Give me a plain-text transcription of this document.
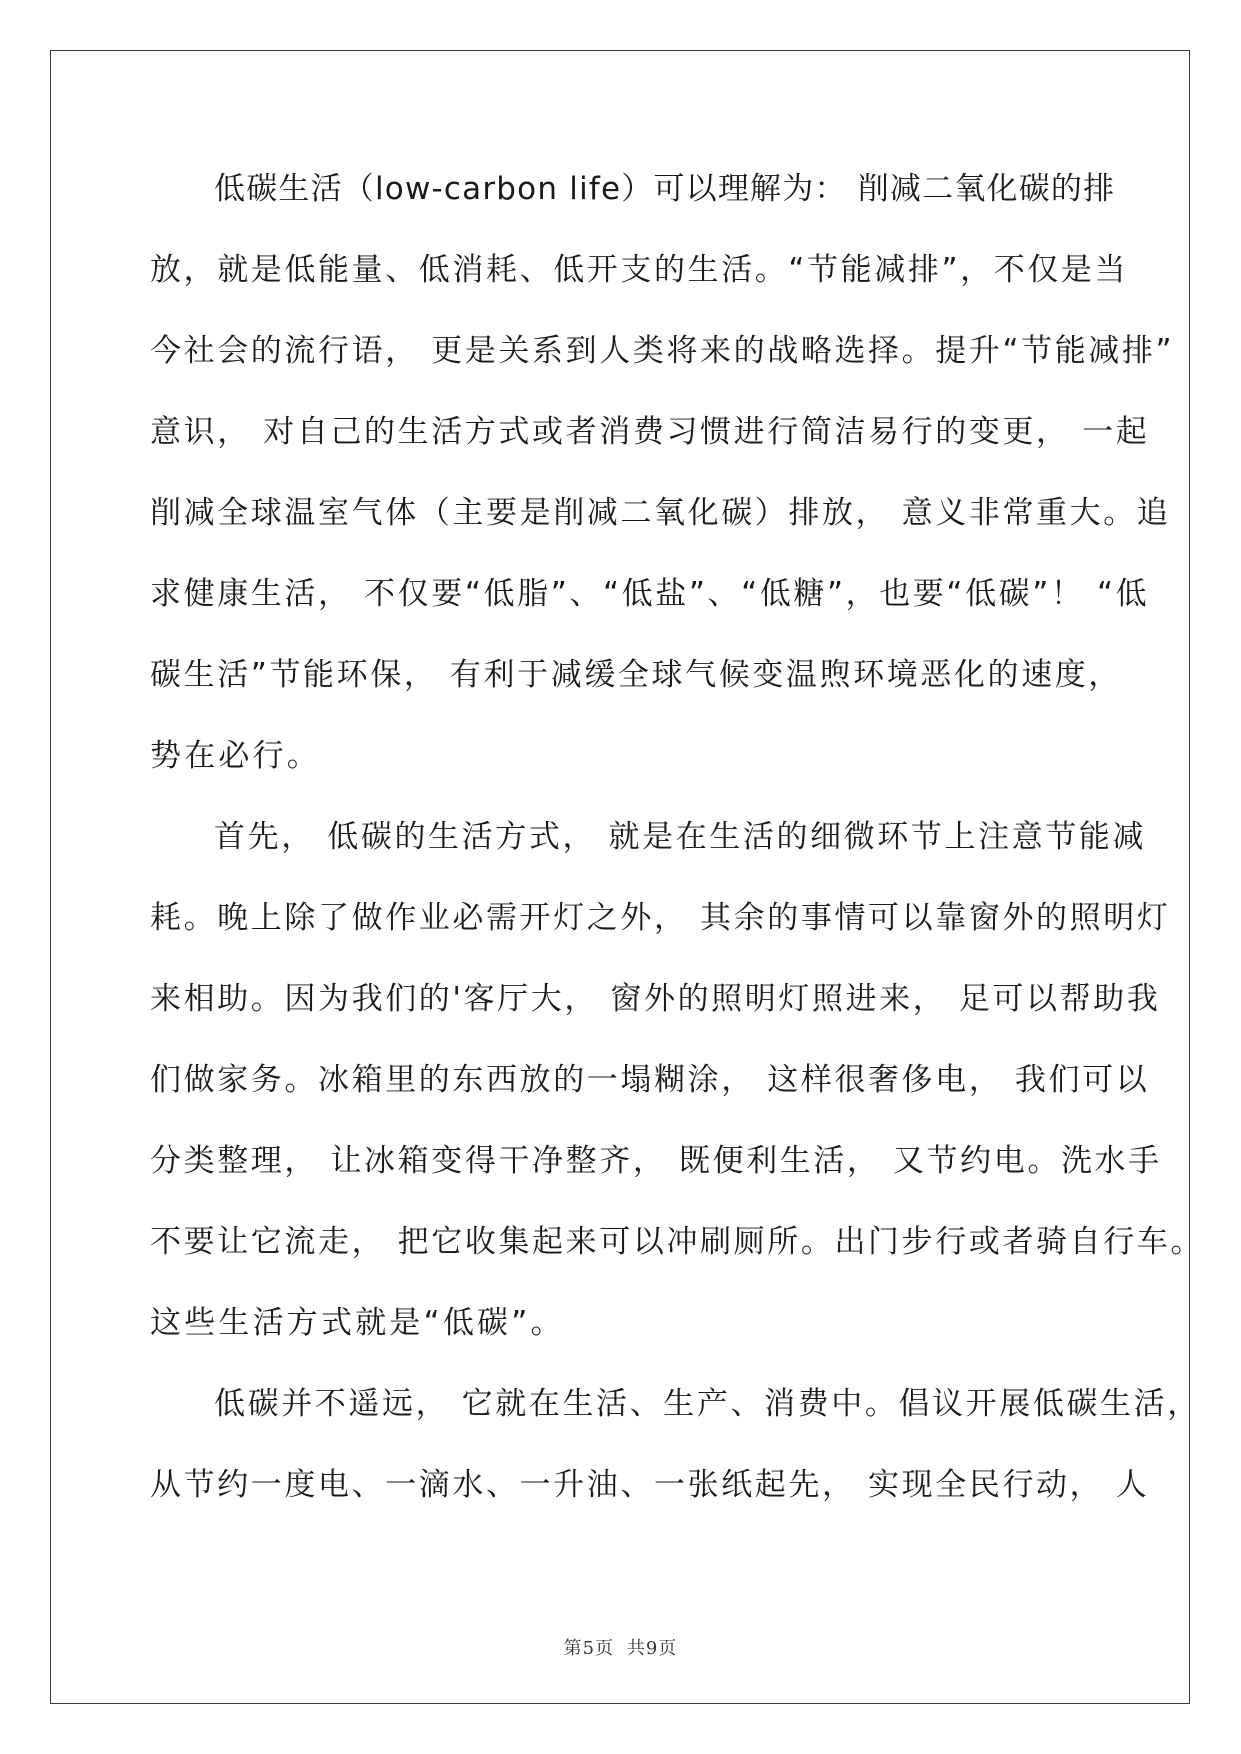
低碳生活（low-carbon life）可以理解为： 削减二氧化碳的排
放，就是低能量、低消耗、低开支的生活。“节能减排”，不仅是当
今社会的流行语， 更是关系到人类将来的战略选择。提升“节能减排”
意识， 对自己的生活方式或者消费习惯进行简洁易行的变更， 一起
削减全球温室气体（主要是削减二氧化碳）排放， 意义非常重大。追
求健康生活， 不仅要“低脂”、“低盐”、“低糖”，也要“低碳”！ “低
碳生活”节能环保， 有利于减缓全球气候变温煦环境恶化的速度，
势在必行。
首先， 低碳的生活方式， 就是在生活的细微环节上注意节能减
耗。晚上除了做作业必需开灯之外， 其余的事情可以靠窗外的照明灯
来相助。因为我们的'客厅大， 窗外的照明灯照进来， 足可以帮助我
们做家务。冰箱里的东西放的一塌糊涂， 这样很奢侈电， 我们可以
分类整理， 让冰箱变得干净整齐， 既便利生活， 又节约电。洗水手
不要让它流走， 把它收集起来可以冲刷厕所。出门步行或者骑自行车。
这些生活方式就是“低碳”。
低碳并不遥远， 它就在生活、生产、消费中。倡议开展低碳生活，
从节约一度电、一滴水、一升油、一张纸起先， 实现全民行动， 人
第5页 共9页
